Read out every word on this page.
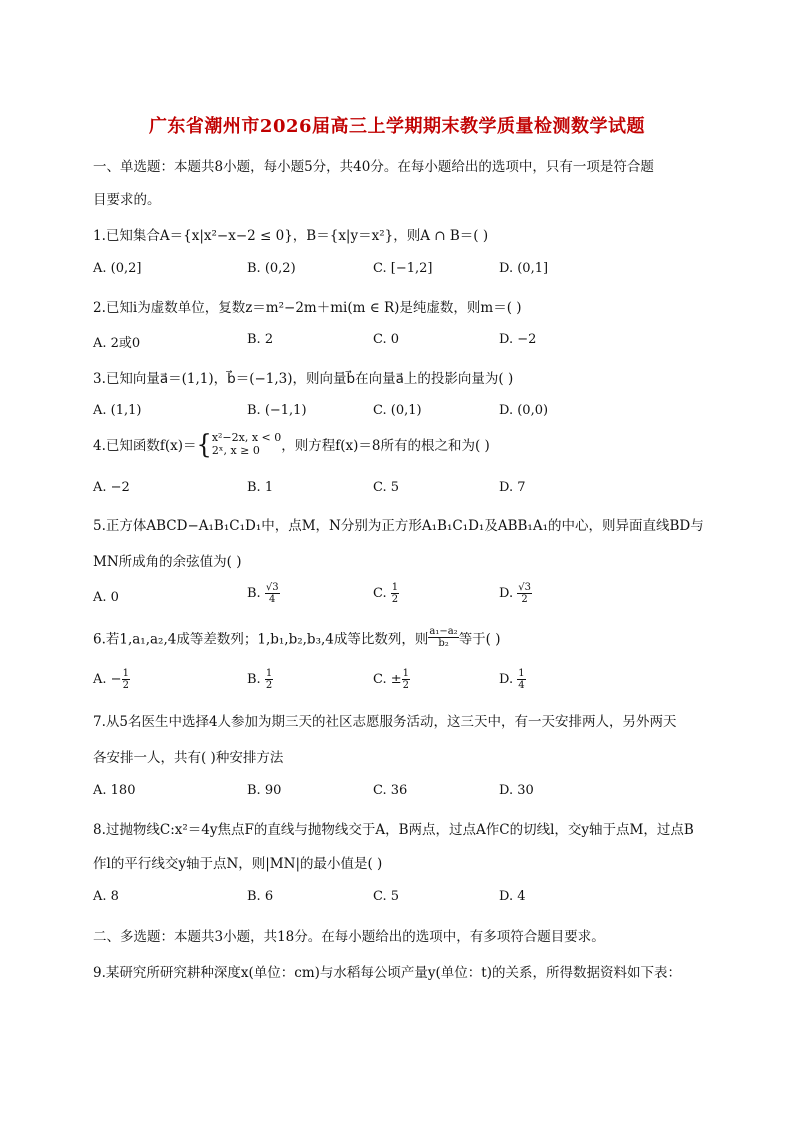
广东省潮州市2026届高三上学期期末教学质量检测数学试题
一、单选题：本题共8小题，每小题5分，共40分。在每小题给出的选项中，只有一项是符合题
目要求的。
1.已知集合A＝{x|x²−x−2 ≤ 0}，B＝{x|y＝x²}，则A ∩ B＝( )
A. (0,2]	B. (0,2)	C. [−1,2]	D. (0,1]
2.已知i为虚数单位，复数z＝m²−2m＋mi(m ∈ R)是纯虚数，则m＝( )
A. 2或0	B. 2	C. 0	D. −2
3.已知向量a⃗＝(1,1)，b⃗＝(−1,3)，则向量b⃗在向量a⃗上的投影向量为( )
A. (1,1)	B. (−1,1)	C. (0,1)	D. (0,0)
4.已知函数f(x)＝{ x²−2x, x < 0
2ˣ, x ≥ 0	，则方程f(x)＝8所有的根之和为( )
A. −2	B. 1	C. 5	D. 7
5.正方体ABCD−A₁B₁C₁D₁中，点M，N分别为正方形A₁B₁C₁D₁及ABB₁A₁的中心，则异面直线BD与
MN所成角的余弦值为( )
A. 0	B. $\frac{√3}{4}$	C. $\frac{1}{2}$	D. $\frac{√3}{2}$
6.若1,a₁,a₂,4成等差数列；1,b₁,b₂,b₃,4成等比数列，则 $\frac{\text{a₁−a₂}}{\text{b₂}}$ 等于( )
A. − $\frac{1}{2}$	B. $\frac{1}{2}$	C. ± $\frac{1}{2}$	D. $\frac{1}{4}$
7.从5名医生中选择4人参加为期三天的社区志愿服务活动，这三天中，有一天安排两人，另外两天
各安排一人，共有( )种安排方法
A. 180	B. 90	C. 36	D. 30
8.过抛物线C:x²＝4y焦点F的直线与抛物线交于A，B两点，过点A作C的切线l，交y轴于点M，过点B
作l的平行线交y轴于点N，则|MN|的最小值是( )
A. 8	B. 6	C. 5	D. 4
二、多选题：本题共3小题，共18分。在每小题给出的选项中，有多项符合题目要求。
9.某研究所研究耕种深度x(单位：cm)与水稻每公顷产量y(单位：t)的关系，所得数据资料如下表：
